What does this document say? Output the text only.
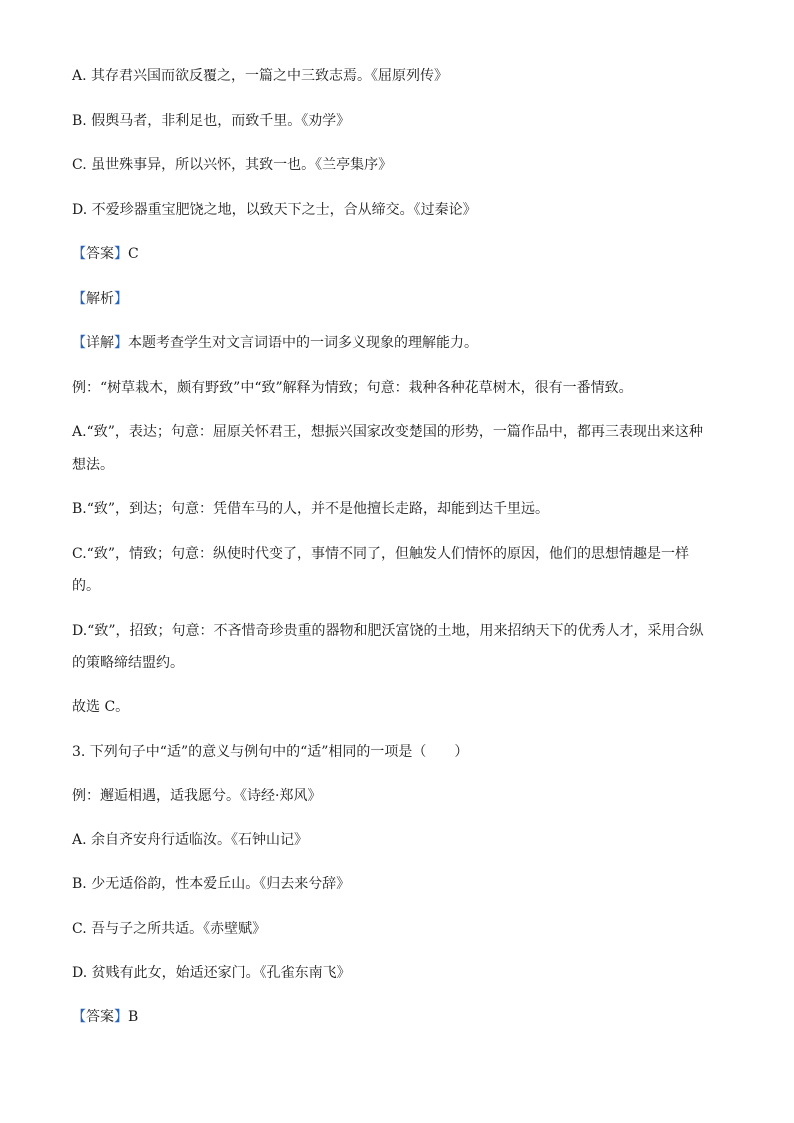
A. 其存君兴国而欲反覆之，一篇之中三致志焉。《屈原列传》
B. 假舆马者，非利足也，而致千里。《劝学》
C. 虽世殊事异，所以兴怀，其致一也。《兰亭集序》
D. 不爱珍器重宝肥饶之地，以致天下之士，合从缔交。《过秦论》
【答案】C
【解析】
【详解】本题考查学生对文言词语中的一词多义现象的理解能力。
例：“树草栽木，颇有野致”中“致”解释为情致；句意：栽种各种花草树木，很有一番情致。
A.“致”，表达；句意：屈原关怀君王，想振兴国家改变楚国的形势，一篇作品中，都再三表现出来这种
想法。
B.“致”，到达；句意：凭借车马的人，并不是他擅长走路，却能到达千里远。
C.“致”，情致；句意：纵使时代变了，事情不同了，但触发人们情怀的原因，他们的思想情趣是一样
的。
D.“致”，招致；句意：不吝惜奇珍贵重的器物和肥沃富饶的土地，用来招纳天下的优秀人才，采用合纵
的策略缔结盟约。
故选 C。
3. 下列句子中“适”的意义与例句中的“适”相同的一项是（　　）
例：邂逅相遇，适我愿兮。《诗经·郑风》
A. 余自齐安舟行适临汝。《石钟山记》
B. 少无适俗韵，性本爱丘山。《归去来兮辞》
C. 吾与子之所共适。《赤壁赋》
D. 贫贱有此女，始适还家门。《孔雀东南飞》
【答案】B
